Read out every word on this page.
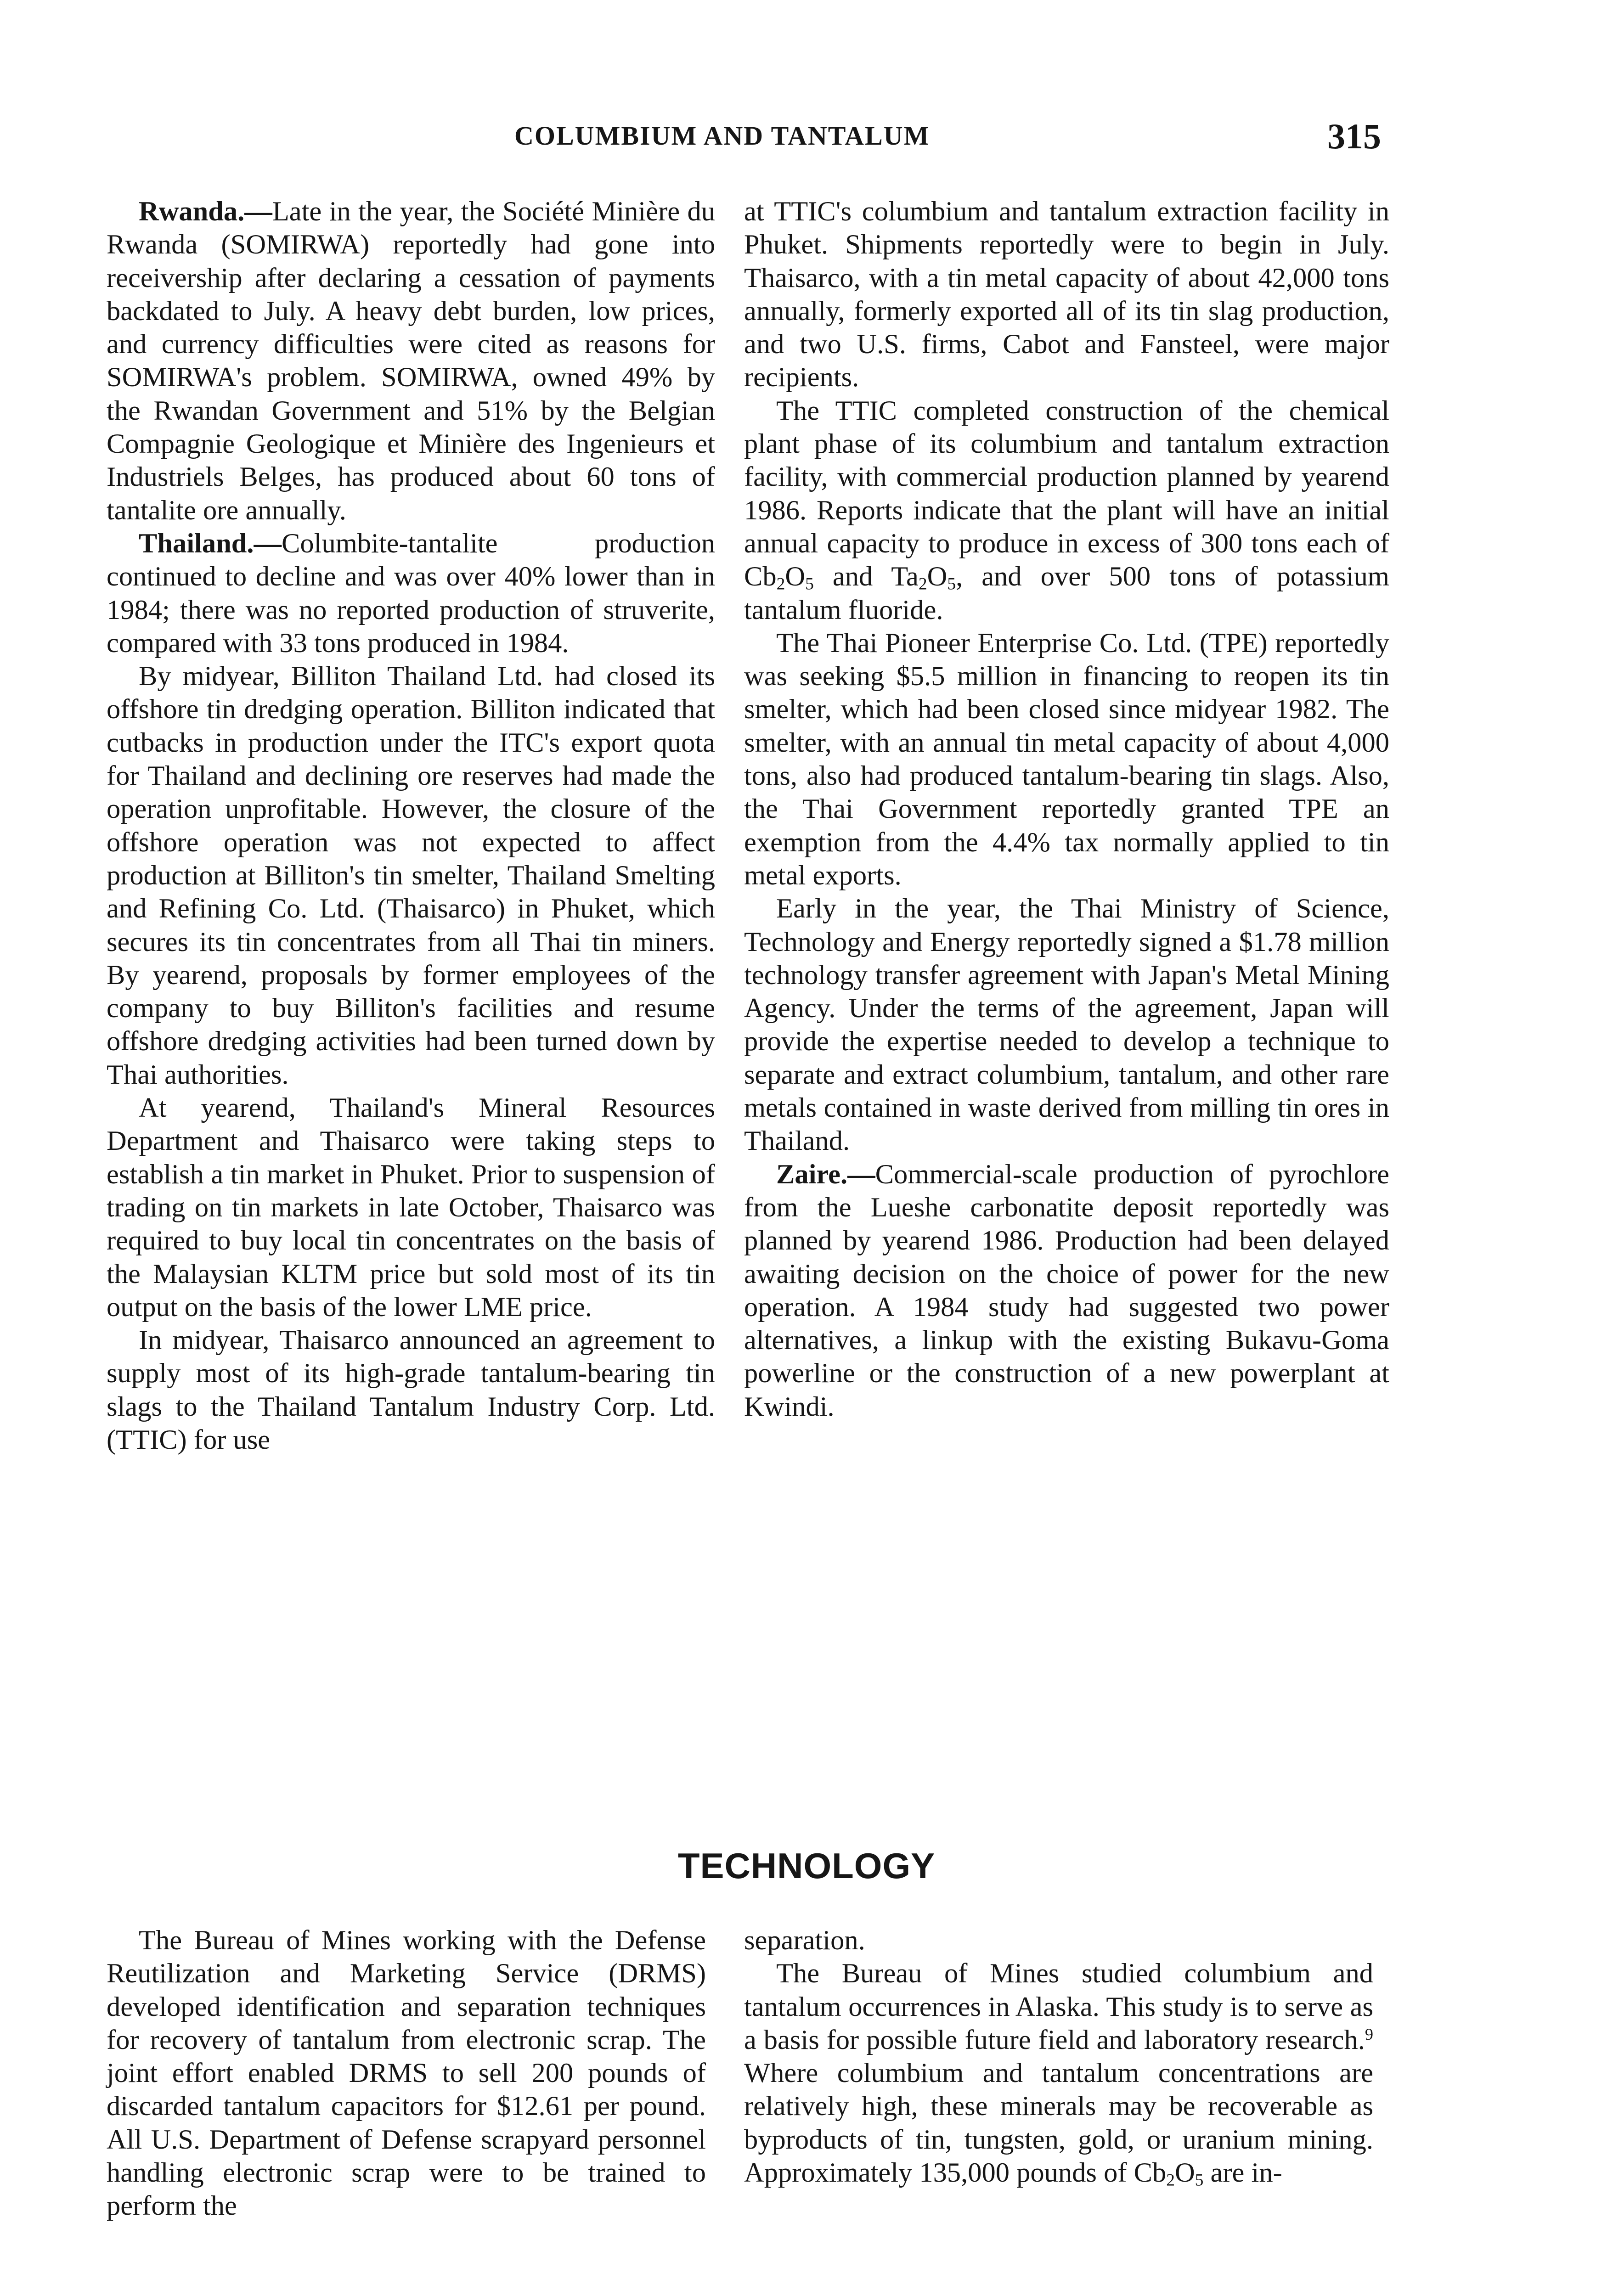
COLUMBIUM AND TANTALUM	315

Rwanda.—Late in the year, the Société Minière du Rwanda (SOMIRWA) reportedly had gone into receivership after declaring a cessation of payments backdated to July. A heavy debt burden, low prices, and currency difficulties were cited as reasons for SOMIRWA's problem. SOMIRWA, owned 49% by the Rwandan Government and 51% by the Belgian Compagnie Geologique et Minière des Ingenieurs et Industriels Belges, has produced about 60 tons of tantalite ore annually.

Thailand.—Columbite-tantalite production continued to decline and was over 40% lower than in 1984; there was no reported production of struverite, compared with 33 tons produced in 1984.

By midyear, Billiton Thailand Ltd. had closed its offshore tin dredging operation. Billiton indicated that cutbacks in production under the ITC's export quota for Thailand and declining ore reserves had made the operation unprofitable. However, the closure of the offshore operation was not expected to affect production at Billiton's tin smelter, Thailand Smelting and Refining Co. Ltd. (Thaisarco) in Phuket, which secures its tin concentrates from all Thai tin miners. By yearend, proposals by former employees of the company to buy Billiton's facilities and resume offshore dredging activities had been turned down by Thai authorities.

At yearend, Thailand's Mineral Resources Department and Thaisarco were taking steps to establish a tin market in Phuket. Prior to suspension of trading on tin markets in late October, Thaisarco was required to buy local tin concentrates on the basis of the Malaysian KLTM price but sold most of its tin output on the basis of the lower LME price.

In midyear, Thaisarco announced an agreement to supply most of its high-grade tantalum-bearing tin slags to the Thailand Tantalum Industry Corp. Ltd. (TTIC) for use

at TTIC's columbium and tantalum extraction facility in Phuket. Shipments reportedly were to begin in July. Thaisarco, with a tin metal capacity of about 42,000 tons annually, formerly exported all of its tin slag production, and two U.S. firms, Cabot and Fansteel, were major recipients.

The TTIC completed construction of the chemical plant phase of its columbium and tantalum extraction facility, with commercial production planned by yearend 1986. Reports indicate that the plant will have an initial annual capacity to produce in excess of 300 tons each of $Cb_2O_5$ and $Ta_2O_5$, and over 500 tons of potassium tantalum fluoride.

The Thai Pioneer Enterprise Co. Ltd. (TPE) reportedly was seeking $5.5 million in financing to reopen its tin smelter, which had been closed since midyear 1982. The smelter, with an annual tin metal capacity of about 4,000 tons, also had produced tantalum-bearing tin slags. Also, the Thai Government reportedly granted TPE an exemption from the 4.4% tax normally applied to tin metal exports.

Early in the year, the Thai Ministry of Science, Technology and Energy reportedly signed a $1.78 million technology transfer agreement with Japan's Metal Mining Agency. Under the terms of the agreement, Japan will provide the expertise needed to develop a technique to separate and extract columbium, tantalum, and other rare metals contained in waste derived from milling tin ores in Thailand.

Zaire.—Commercial-scale production of pyrochlore from the Lueshe carbonatite deposit reportedly was planned by yearend 1986. Production had been delayed awaiting decision on the choice of power for the new operation. A 1984 study had suggested two power alternatives, a linkup with the existing Bukavu-Goma powerline or the construction of a new powerplant at Kwindi.

TECHNOLOGY

The Bureau of Mines working with the Defense Reutilization and Marketing Service (DRMS) developed identification and separation techniques for recovery of tantalum from electronic scrap. The joint effort enabled DRMS to sell 200 pounds of discarded tantalum capacitors for $12.61 per pound. All U.S. Department of Defense scrapyard personnel handling electronic scrap were to be trained to perform the

separation.

The Bureau of Mines studied columbium and tantalum occurrences in Alaska. This study is to serve as a basis for possible future field and laboratory research.$^9$ Where columbium and tantalum concentrations are relatively high, these minerals may be recoverable as byproducts of tin, tungsten, gold, or uranium mining. Approximately 135,000 pounds of $Cb_2O_5$ are in-
